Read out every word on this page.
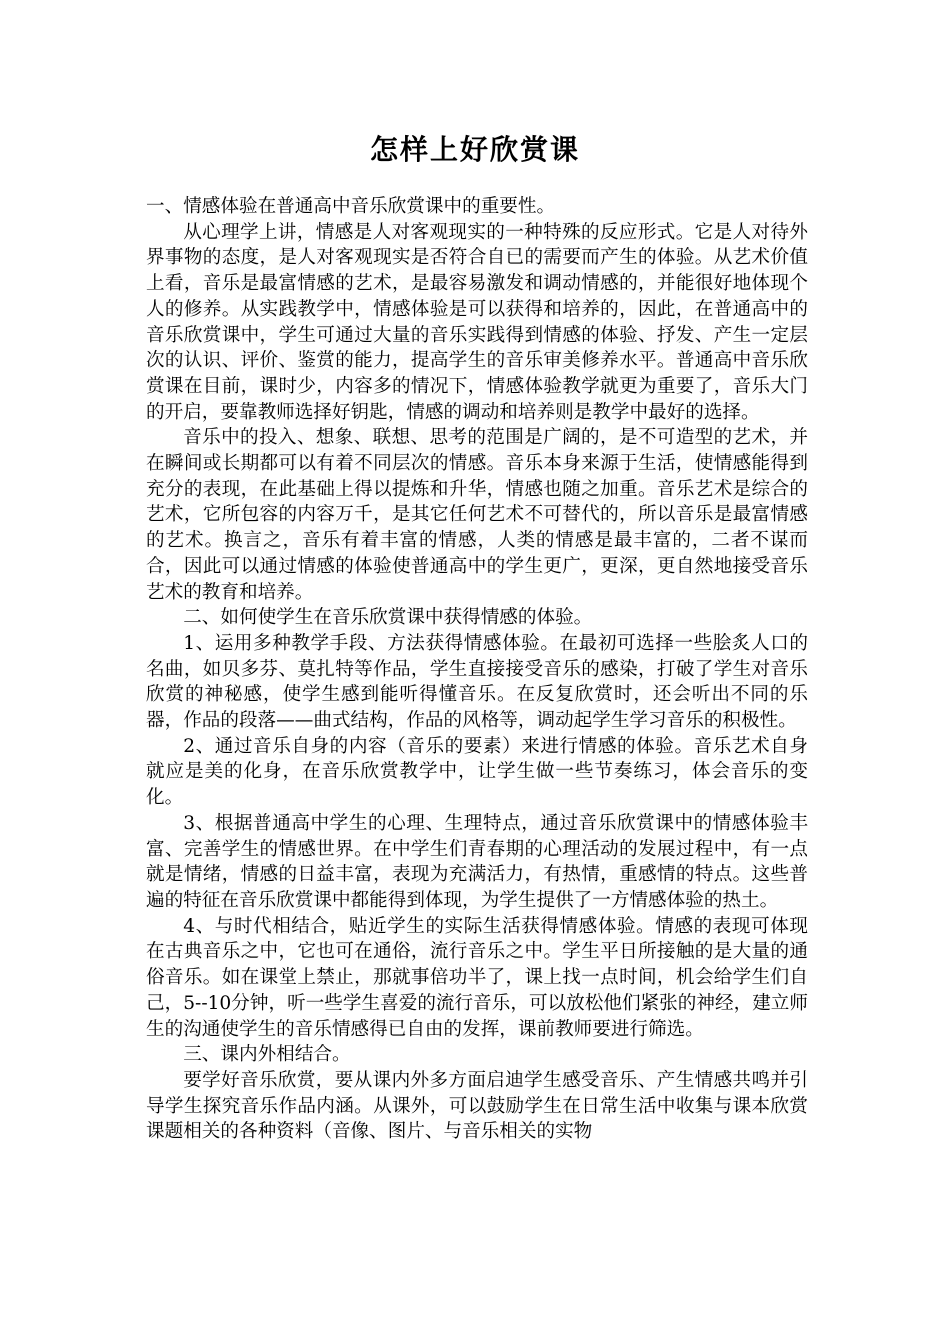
怎样上好欣赏课

一、情感体验在普通高中音乐欣赏课中的重要性。

从心理学上讲，情感是人对客观现实的一种特殊的反应形式。它是人对待外界事物的态度，是人对客观现实是否符合自已的需要而产生的体验。从艺术价值上看，音乐是最富情感的艺术，是最容易激发和调动情感的，并能很好地体现个人的修养。从实践教学中，情感体验是可以获得和培养的，因此，在普通高中的音乐欣赏课中，学生可通过大量的音乐实践得到情感的体验、抒发、产生一定层次的认识、评价、鉴赏的能力，提高学生的音乐审美修养水平。普通高中音乐欣赏课在目前，课时少，内容多的情况下，情感体验教学就更为重要了，音乐大门的开启，要靠教师选择好钥匙，情感的调动和培养则是教学中最好的选择。

音乐中的投入、想象、联想、思考的范围是广阔的，是不可造型的艺术，并在瞬间或长期都可以有着不同层次的情感。音乐本身来源于生活，使情感能得到充分的表现，在此基础上得以提炼和升华，情感也随之加重。音乐艺术是综合的艺术，它所包容的内容万千，是其它任何艺术不可替代的，所以音乐是最富情感的艺术。换言之，音乐有着丰富的情感，人类的情感是最丰富的，二者不谋而合，因此可以通过情感的体验使普通高中的学生更广，更深，更自然地接受音乐艺术的教育和培养。

二、如何使学生在音乐欣赏课中获得情感的体验。

1、运用多种教学手段、方法获得情感体验。在最初可选择一些脍炙人口的名曲，如贝多芬、莫扎特等作品，学生直接接受音乐的感染，打破了学生对音乐欣赏的神秘感，使学生感到能听得懂音乐。在反复欣赏时，还会听出不同的乐器，作品的段落——曲式结构，作品的风格等，调动起学生学习音乐的积极性。

2、通过音乐自身的内容（音乐的要素）来进行情感的体验。音乐艺术自身就应是美的化身，在音乐欣赏教学中，让学生做一些节奏练习，体会音乐的变化。

3、根据普通高中学生的心理、生理特点，通过音乐欣赏课中的情感体验丰富、完善学生的情感世界。在中学生们青春期的心理活动的发展过程中，有一点就是情绪，情感的日益丰富，表现为充满活力，有热情，重感情的特点。这些普遍的特征在音乐欣赏课中都能得到体现，为学生提供了一方情感体验的热土。

4、与时代相结合，贴近学生的实际生活获得情感体验。情感的表现可体现在古典音乐之中，它也可在通俗，流行音乐之中。学生平日所接触的是大量的通俗音乐。如在课堂上禁止，那就事倍功半了，课上找一点时间，机会给学生们自己，5--10分钟，听一些学生喜爱的流行音乐，可以放松他们紧张的神经，建立师生的沟通使学生的音乐情感得已自由的发挥，课前教师要进行筛选。

三、课内外相结合。

要学好音乐欣赏，要从课内外多方面启迪学生感受音乐、产生情感共鸣并引导学生探究音乐作品内涵。从课外，可以鼓励学生在日常生活中收集与课本欣赏课题相关的各种资料（音像、图片、与音乐相关的实物
